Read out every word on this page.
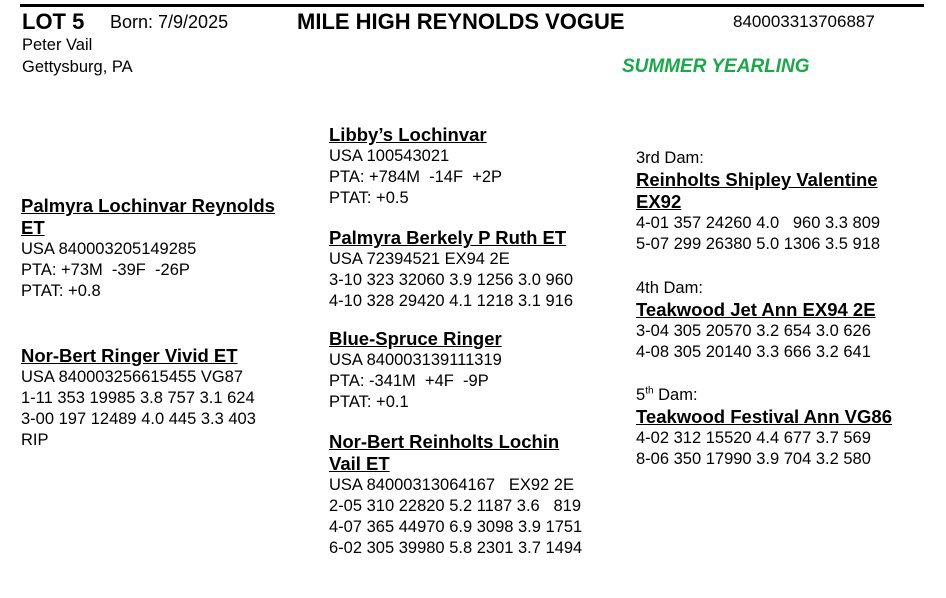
LOT 5 Born: 7/9/2025	MILE HIGH REYNOLDS VOGUE	840003313706887
Peter Vail
Gettysburg, PA	SUMMER YEARLING
Palmyra Lochinvar Reynolds
ET
USA 840003205149285
PTA: +73M  -39F  -26P
PTAT: +0.8
Nor-Bert Ringer Vivid ET
USA 840003256615455 VG87
1-11 353 19985 3.8 757 3.1 624
3-00 197 12489 4.0 445 3.3 403
RIP
Libby’s Lochinvar
USA 100543021
PTA: +784M  -14F  +2P
PTAT: +0.5
Palmyra Berkely P Ruth ET
USA 72394521 EX94 2E
3-10 323 32060 3.9 1256 3.0 960
4-10 328 29420 4.1 1218 3.1 916
Blue-Spruce Ringer
USA 840003139111319
PTA: -341M  +4F  -9P
PTAT: +0.1
Nor-Bert Reinholts Lochin
Vail ET
USA 84000313064167   EX92 2E
2-05 310 22820 5.2 1187 3.6   819
4-07 365 44970 6.9 3098 3.9 1751
6-02 305 39980 5.8 2301 3.7 1494
3rd Dam:
Reinholts Shipley Valentine
EX92
4-01 357 24260 4.0   960 3.3 809
5-07 299 26380 5.0 1306 3.5 918
4th Dam:
Teakwood Jet Ann EX94 2E
3-04 305 20570 3.2 654 3.0 626
4-08 305 20140 3.3 666 3.2 641
5th Dam:
Teakwood Festival Ann VG86
4-02 312 15520 4.4 677 3.7 569
8-06 350 17990 3.9 704 3.2 580
